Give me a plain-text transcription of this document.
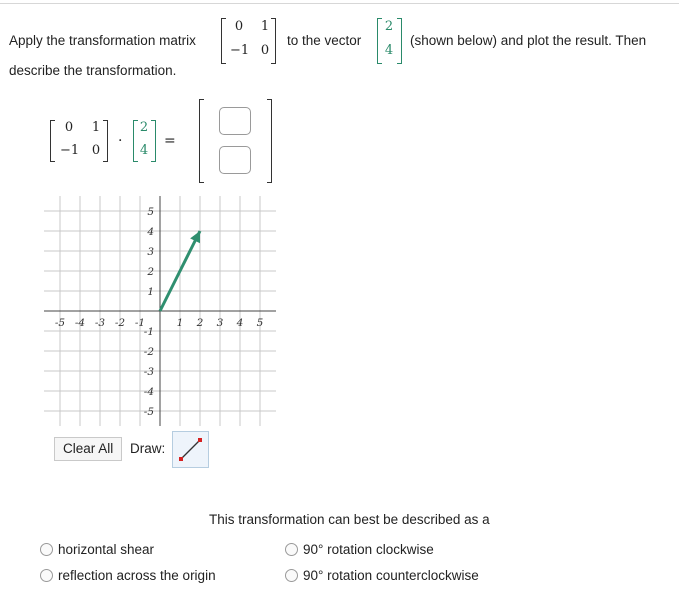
Apply the transformation matrix
0	1
−1 0
to the vector
2
4
(shown below) and plot the result. Then
describe the transformation.
0	1
−1 0
·
2
4
=
-5 -4 -3 -2 -1	1 2 3 4 5
5
4
3
2
1
-1
-2
-3
-4
-5
Clear All	Draw:
This transformation can best be described as a
horizontal shear
reflection across the origin
90° rotation clockwise
90° rotation counterclockwise
